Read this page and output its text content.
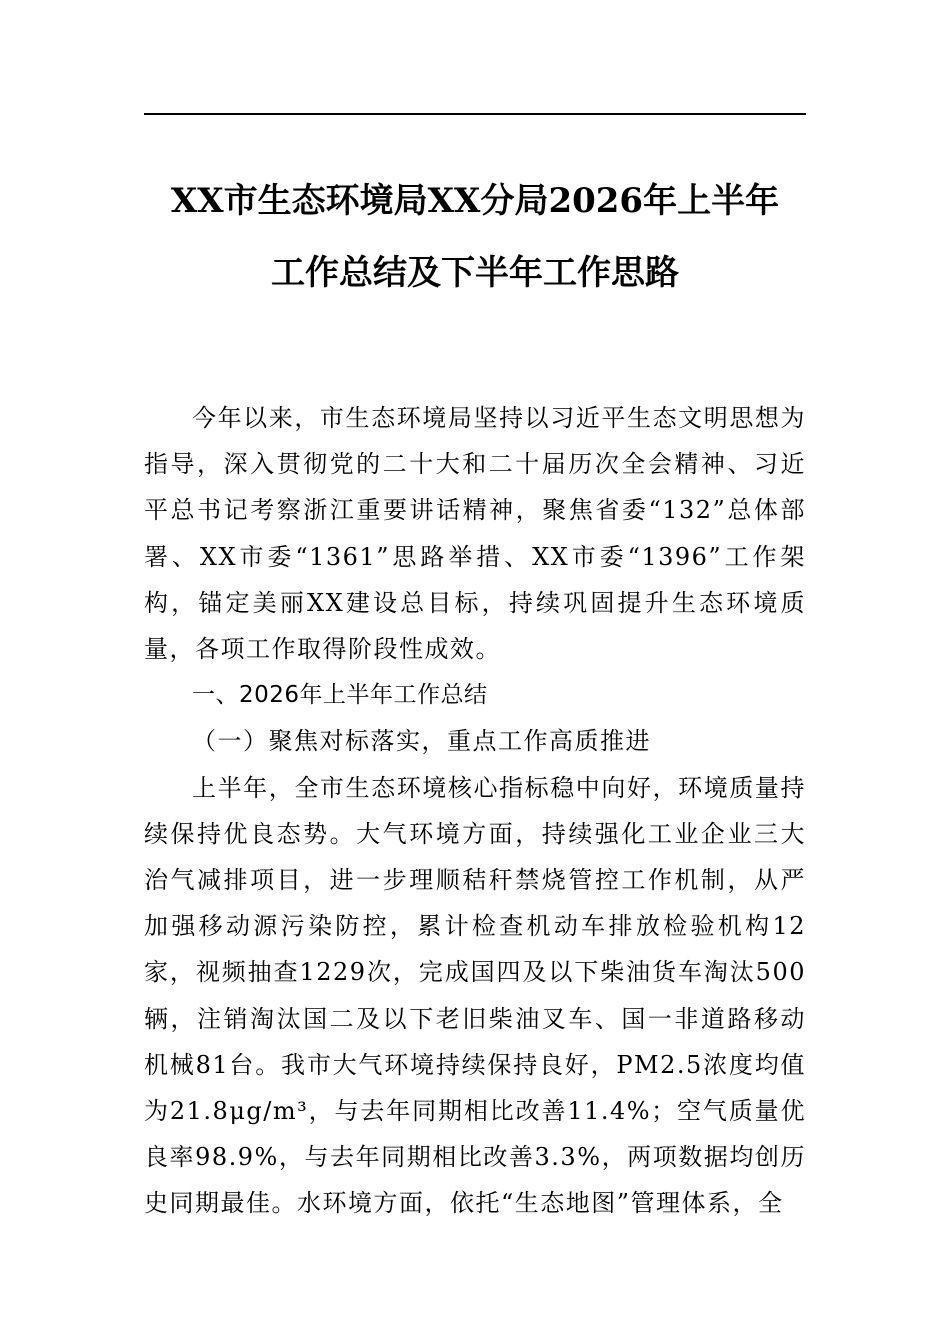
XX市生态环境局XX分局2026年上半年
工作总结及下半年工作思路

今年以来，市生态环境局坚持以习近平生态文明思想为指导，深入贯彻党的二十大和二十届历次全会精神、习近平总书记考察浙江重要讲话精神，聚焦省委“132”总体部署、XX市委“1361”思路举措、XX市委“1396”工作架构，锚定美丽XX建设总目标，持续巩固提升生态环境质量，各项工作取得阶段性成效。

一、2026年上半年工作总结

（一）聚焦对标落实，重点工作高质推进

上半年，全市生态环境核心指标稳中向好，环境质量持续保持优良态势。大气环境方面，持续强化工业企业三大治气减排项目，进一步理顺秸秆禁烧管控工作机制，从严加强移动源污染防控，累计检查机动车排放检验机构12家，视频抽查1229次，完成国四及以下柴油货车淘汰500辆，注销淘汰国二及以下老旧柴油叉车、国一非道路移动机械81台。我市大气环境持续保持良好，PM2.5浓度均值为21.8μg/m³，与去年同期相比改善11.4%；空气质量优良率98.9%，与去年同期相比改善3.3%，两项数据均创历史同期最佳。水环境方面，依托“生态地图”管理体系，全
